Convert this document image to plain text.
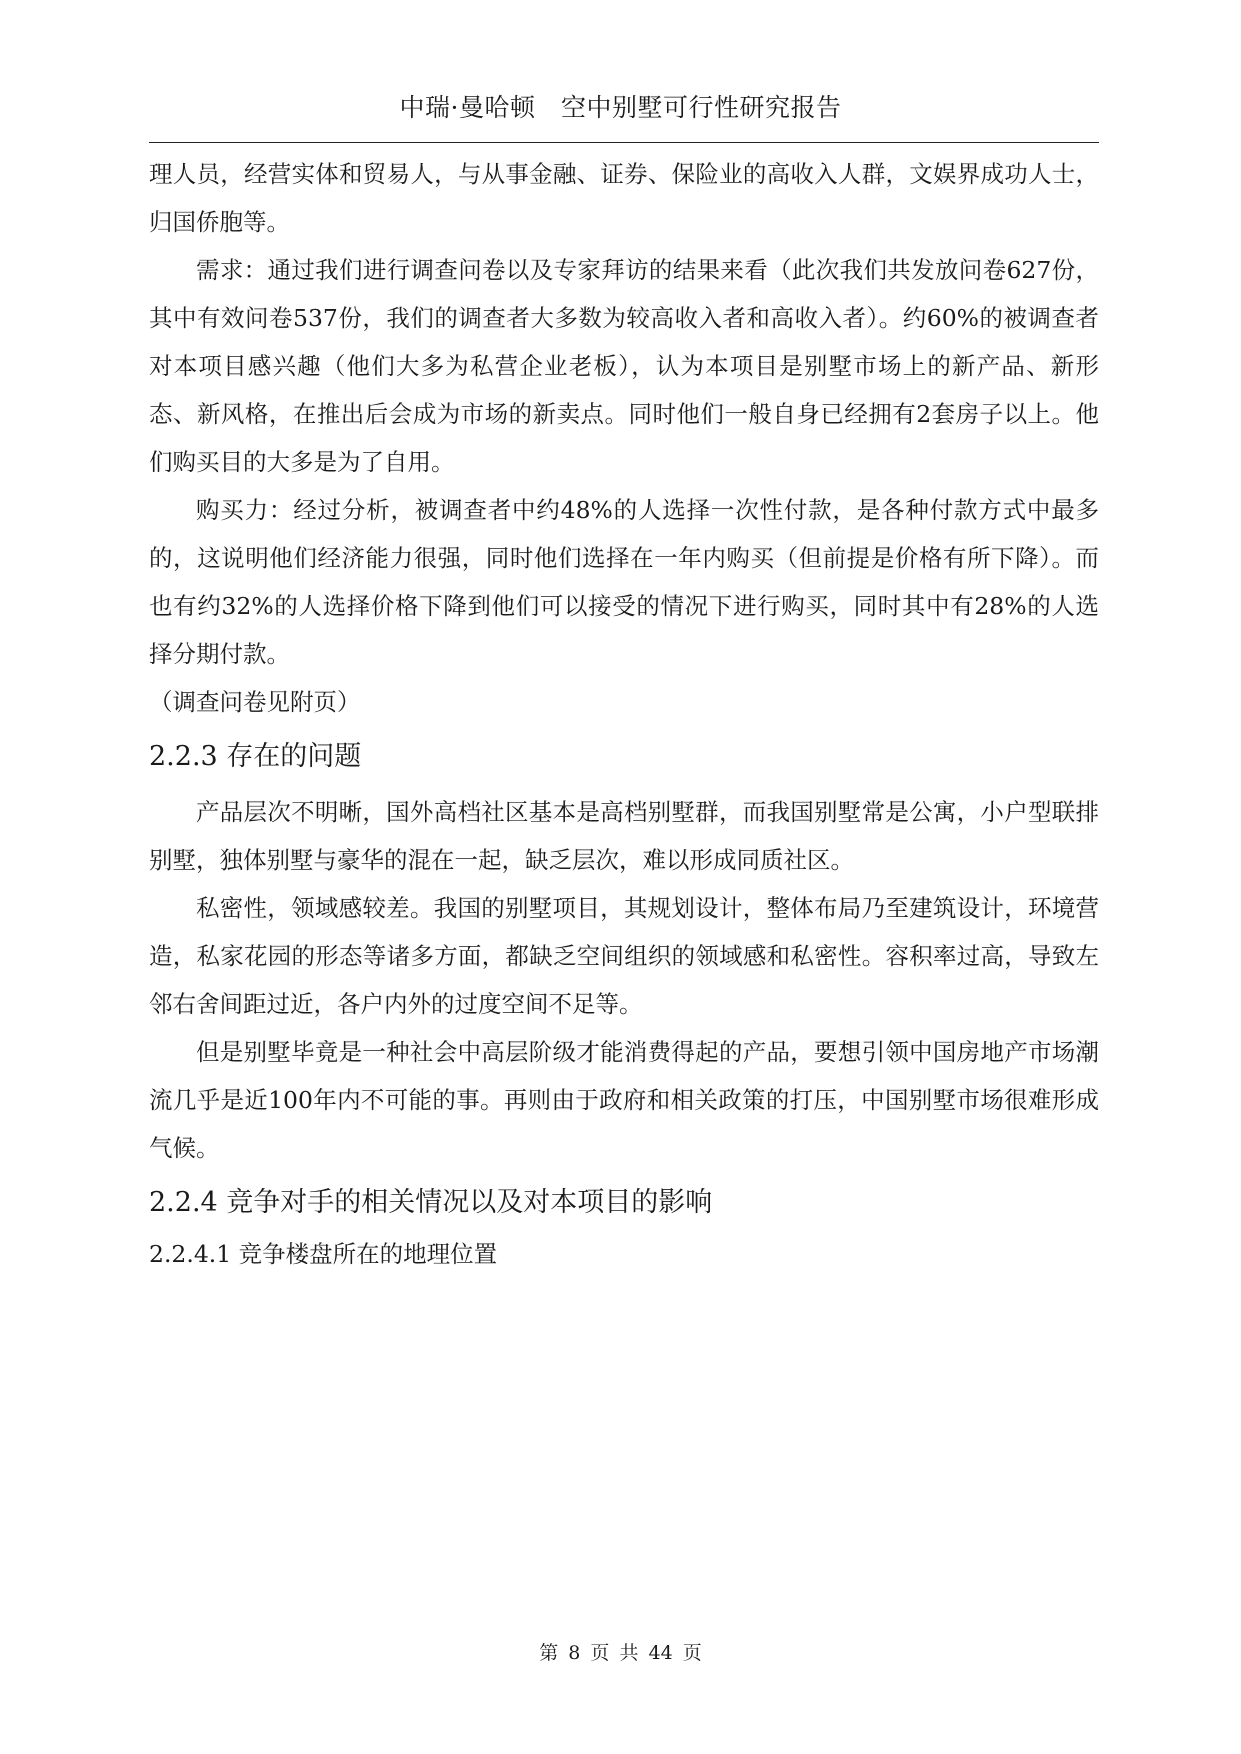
中瑞·曼哈顿　空中别墅可行性研究报告

理人员，经营实体和贸易人，与从事金融、证券、保险业的高收入人群，文娱界成功人士，归国侨胞等。

需求：通过我们进行调查问卷以及专家拜访的结果来看（此次我们共发放问卷627份，其中有效问卷537份，我们的调查者大多数为较高收入者和高收入者）。约60%的被调查者对本项目感兴趣（他们大多为私营企业老板），认为本项目是别墅市场上的新产品、新形态、新风格，在推出后会成为市场的新卖点。同时他们一般自身已经拥有2套房子以上。他们购买目的大多是为了自用。

购买力：经过分析，被调查者中约48%的人选择一次性付款，是各种付款方式中最多的，这说明他们经济能力很强，同时他们选择在一年内购买（但前提是价格有所下降）。而也有约32%的人选择价格下降到他们可以接受的情况下进行购买，同时其中有28%的人选择分期付款。

（调查问卷见附页）

2.2.3 存在的问题

产品层次不明晰，国外高档社区基本是高档别墅群，而我国别墅常是公寓，小户型联排别墅，独体别墅与豪华的混在一起，缺乏层次，难以形成同质社区。

私密性，领域感较差。我国的别墅项目，其规划设计，整体布局乃至建筑设计，环境营造，私家花园的形态等诸多方面，都缺乏空间组织的领域感和私密性。容积率过高，导致左邻右舍间距过近，各户内外的过度空间不足等。

但是别墅毕竟是一种社会中高层阶级才能消费得起的产品，要想引领中国房地产市场潮流几乎是近100年内不可能的事。再则由于政府和相关政策的打压，中国别墅市场很难形成气候。

2.2.4 竞争对手的相关情况以及对本项目的影响
2.2.4.1 竞争楼盘所在的地理位置
第 8 页 共 44 页
